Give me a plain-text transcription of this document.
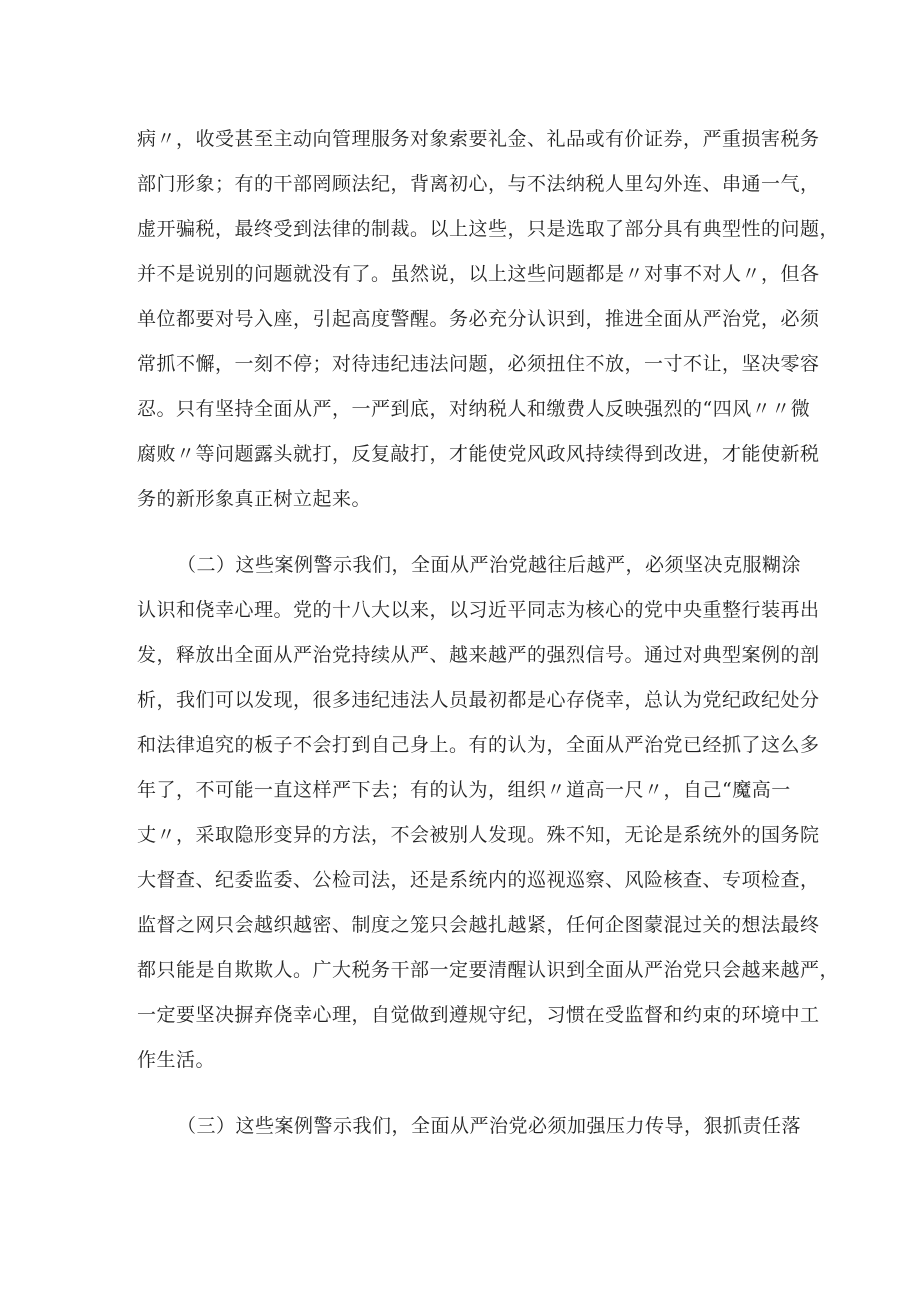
病〃，收受甚至主动向管理服务对象索要礼金、礼品或有价证券，严重损害税务
部门形象；有的干部罔顾法纪，背离初心，与不法纳税人里勾外连、串通一气，
虚开骗税，最终受到法律的制裁。以上这些，只是选取了部分具有典型性的问题，
并不是说别的问题就没有了。虽然说，以上这些问题都是〃对事不对人〃，但各
单位都要对号入座，引起高度警醒。务必充分认识到，推进全面从严治党，必须
常抓不懈，一刻不停；对待违纪违法问题，必须扭住不放，一寸不让，坚决零容
忍。只有坚持全面从严，一严到底，对纳税人和缴费人反映强烈的“四风〃〃微
腐败〃等问题露头就打，反复敲打，才能使党风政风持续得到改进，才能使新税
务的新形象真正树立起来。
（二）这些案例警示我们，全面从严治党越往后越严，必须坚决克服糊涂
认识和侥幸心理。党的十八大以来，以习近平同志为核心的党中央重整行装再出
发，释放出全面从严治党持续从严、越来越严的强烈信号。通过对典型案例的剖
析，我们可以发现，很多违纪违法人员最初都是心存侥幸，总认为党纪政纪处分
和法律追究的板子不会打到自己身上。有的认为，全面从严治党已经抓了这么多
年了，不可能一直这样严下去；有的认为，组织〃道高一尺〃，自己“魔高一
丈〃，采取隐形变异的方法，不会被别人发现。殊不知，无论是系统外的国务院
大督查、纪委监委、公检司法，还是系统内的巡视巡察、风险核查、专项检查，
监督之网只会越织越密、制度之笼只会越扎越紧，任何企图蒙混过关的想法最终
都只能是自欺欺人。广大税务干部一定要清醒认识到全面从严治党只会越来越严，
一定要坚决摒弃侥幸心理，自觉做到遵规守纪，习惯在受监督和约束的环境中工
作生活。
（三）这些案例警示我们，全面从严治党必须加强压力传导，狠抓责任落
